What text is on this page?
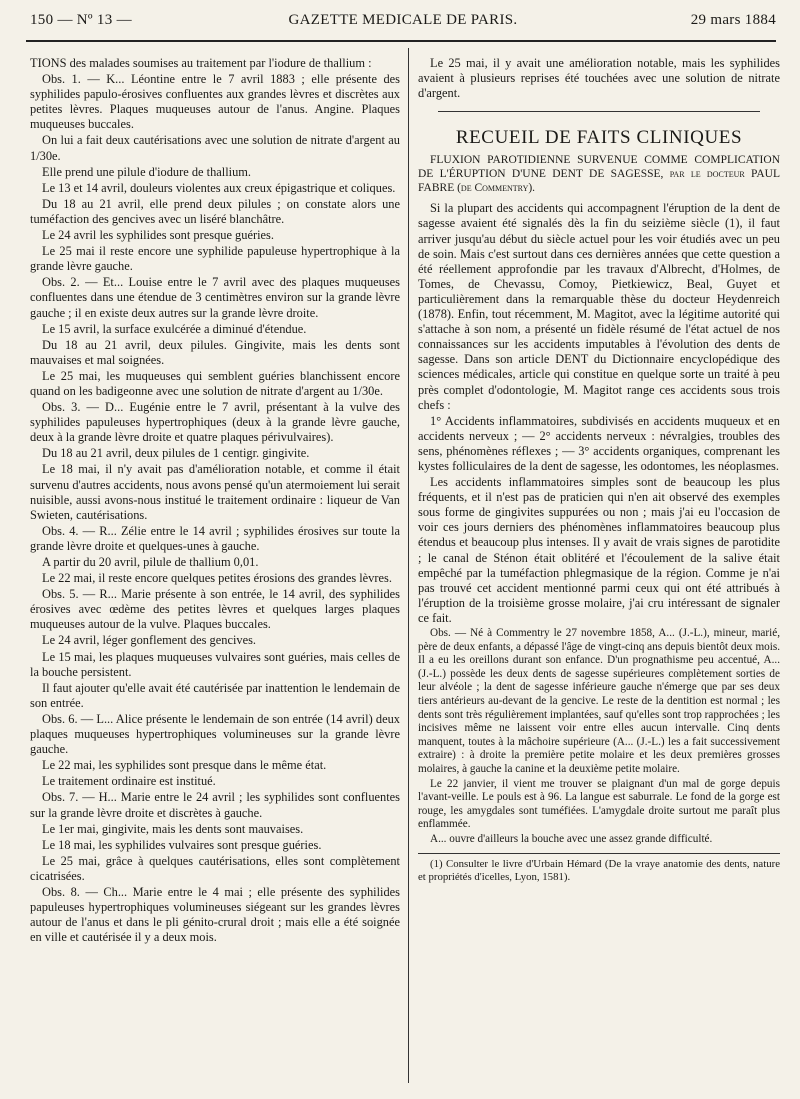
150 — Nº 13 —	GAZETTE MEDICALE DE PARIS.	29 mars 1884

TIONS des malades soumises au traitement par l'iodure de thallium :

Obs. 1. — K... Léontine entre le 7 avril 1883 ; elle présente des syphilides papulo-érosives confluentes aux grandes lèvres et discrètes aux petites lèvres. Plaques muqueuses autour de l'anus. Angine. Plaques muqueuses buccales.

On lui a fait deux cautérisations avec une solution de nitrate d'argent au 1/30e.

Elle prend une pilule d'iodure de thallium.

Le 13 et 14 avril, douleurs violentes aux creux épigastrique et coliques.

Du 18 au 21 avril, elle prend deux pilules ; on constate alors une tuméfaction des gencives avec un liséré blanchâtre.

Le 24 avril les syphilides sont presque guéries.

Le 25 mai il reste encore une syphilide papuleuse hypertrophique à la grande lèvre gauche.

Obs. 2. — Et... Louise entre le 7 avril avec des plaques muqueuses confluentes dans une étendue de 3 centimètres environ sur la grande lèvre gauche ; il en existe deux autres sur la grande lèvre droite.

Le 15 avril, la surface exulcérée a diminué d'étendue.

Du 18 au 21 avril, deux pilules. Gingivite, mais les dents sont mauvaises et mal soignées.

Le 25 mai, les muqueuses qui semblent guéries blanchissent encore quand on les badigeonne avec une solution de nitrate d'argent au 1/30e.

Obs. 3. — D... Eugénie entre le 7 avril, présentant à la vulve des syphilides papuleuses hypertrophiques (deux à la grande lèvre gauche, deux à la grande lèvre droite et quatre plaques périvulvaires).

Du 18 au 21 avril, deux pilules de 1 centigr. gingivite.

Le 18 mai, il n'y avait pas d'amélioration notable, et comme il était survenu d'autres accidents, nous avons pensé qu'un atermoiement lui serait nuisible, aussi avons-nous institué le traitement ordinaire : liqueur de Van Swieten, cautérisations.

Obs. 4. — R... Zélie entre le 14 avril ; syphilides érosives sur toute la grande lèvre droite et quelques-unes à gauche.

A partir du 20 avril, pilule de thallium 0,01.

Le 22 mai, il reste encore quelques petites érosions des grandes lèvres.

Obs. 5. — R... Marie présente à son entrée, le 14 avril, des syphilides érosives avec œdème des petites lèvres et quelques larges plaques muqueuses autour de la vulve. Plaques buccales.

Le 24 avril, léger gonflement des gencives.

Le 15 mai, les plaques muqueuses vulvaires sont guéries, mais celles de la bouche persistent.

Il faut ajouter qu'elle avait été cautérisée par inattention le lendemain de son entrée.

Obs. 6. — L... Alice présente le lendemain de son entrée (14 avril) deux plaques muqueuses hypertrophiques volumineuses sur la grande lèvre gauche.

Le 22 mai, les syphilides sont presque dans le même état.

Le traitement ordinaire est institué.

Obs. 7. — H... Marie entre le 24 avril ; les syphilides sont confluentes sur la grande lèvre droite et discrètes à gauche.

Le 1er mai, gingivite, mais les dents sont mauvaises.

Le 18 mai, les syphilides vulvaires sont presque guéries.

Le 25 mai, grâce à quelques cautérisations, elles sont complètement cicatrisées.

Obs. 8. — Ch... Marie entre le 4 mai ; elle présente des syphilides papuleuses hypertrophiques volumineuses siégeant sur les grandes lèvres autour de l'anus et dans le pli génito-crural droit ; mais elle a été soignée en ville et cautérisée il y a deux mois.

Le 25 mai, il y avait une amélioration notable, mais les syphilides avaient à plusieurs reprises été touchées avec une solution de nitrate d'argent.

RECUEIL DE FAITS CLINIQUES

FLUXION PAROTIDIENNE SURVENUE COMME COMPLICATION DE L'ÉRUPTION D'UNE DENT DE SAGESSE, par le docteur PAUL FABRE (de Commentry).

Si la plupart des accidents qui accompagnent l'éruption de la dent de sagesse avaient été signalés dès la fin du seizième siècle (1), il faut arriver jusqu'au début du siècle actuel pour les voir étudiés avec un peu de soin. Mais c'est surtout dans ces dernières années que cette question a été réellement approfondie par les travaux d'Albrecht, d'Holmes, de Tomes, de Chevassu, Comoy, Pietkiewicz, Beal, Guyet et particulièrement dans la remarquable thèse du docteur Heydenreich (1878). Enfin, tout récemment, M. Magitot, avec la légitime autorité qui s'attache à son nom, a présenté un fidèle résumé de l'état actuel de nos connaissances sur les accidents imputables à l'évolution des dents de sagesse. Dans son article DENT du Dictionnaire encyclopédique des sciences médicales, article qui constitue en quelque sorte un traité à peu près complet d'odontologie, M. Magitot range ces accidents sous trois chefs :

1° Accidents inflammatoires, subdivisés en accidents muqueux et en accidents nerveux ; — 2° accidents nerveux : névralgies, troubles des sens, phénomènes réflexes ; — 3° accidents organiques, comprenant les kystes folliculaires de la dent de sagesse, les odontomes, les néoplasmes.

Les accidents inflammatoires simples sont de beaucoup les plus fréquents, et il n'est pas de praticien qui n'en ait observé des exemples sous forme de gingivites suppurées ou non ; mais j'ai eu l'occasion de voir ces jours derniers des phénomènes inflammatoires beaucoup plus étendus et beaucoup plus intenses. Il y avait de vrais signes de parotidite ; le canal de Sténon était oblitéré et l'écoulement de la salive était empêché par la tuméfaction phlegmasique de la région. Comme je n'ai pas trouvé cet accident mentionné parmi ceux qui ont été attribués à l'éruption de la troisième grosse molaire, j'ai cru intéressant de signaler ce fait.

Obs. — Né à Commentry le 27 novembre 1858, A... (J.-L.), mineur, marié, père de deux enfants, a dépassé l'âge de vingt-cinq ans depuis bientôt deux mois. Il a eu les oreillons durant son enfance. D'un prognathisme peu accentué, A... (J.-L.) possède les deux dents de sagesse supérieures complètement sorties de leur alvéole ; la dent de sagesse inférieure gauche n'émerge que par ses deux tiers antérieurs au-devant de la gencive. Le reste de la dentition est normal ; les dents sont très régulièrement implantées, sauf qu'elles sont trop rapprochées ; les incisives même ne laissent voir entre elles aucun intervalle. Cinq dents manquent, toutes à la mâchoire supérieure (A... (J.-L.) les a fait successivement extraire) : à droite la première petite molaire et les deux premières grosses molaires, à gauche la canine et la deuxième petite molaire.

Le 22 janvier, il vient me trouver se plaignant d'un mal de gorge depuis l'avant-veille. Le pouls est à 96. La langue est saburrale. Le fond de la gorge est rouge, les amygdales sont tuméfiées. L'amygdale droite surtout me paraît plus enflammée.

A... ouvre d'ailleurs la bouche avec une assez grande difficulté.

(1) Consulter le livre d'Urbain Hémard (De la vraye anatomie des dents, nature et propriétés d'icelles, Lyon, 1581).
